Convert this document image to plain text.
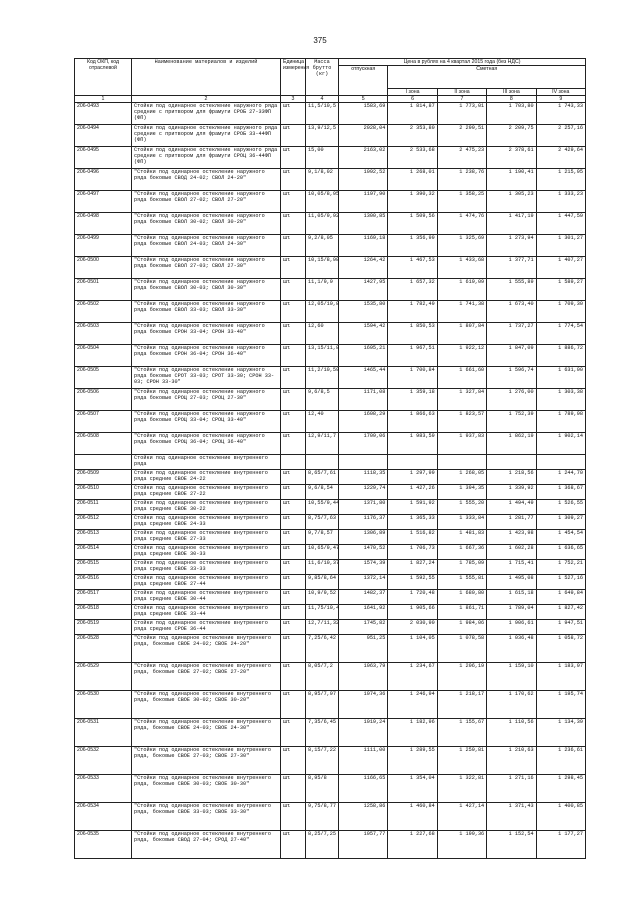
375
Код ОКП, код отраслевой	Наименование материалов и изделий	Единица измерения	Масса брутто (кг)	Цена в рублях на 4 квартал 2015 года (без НДС)				
				отпускная	Сметная			
					I зона	II зона	III зона	IV зона
1	2	3	4	5	6	7	8	9
206-0493	Стойки под одинарное остекление наружного ряда средние с притвором для фрамуги СРОБ 27-33ФП (ФП)	шт.	11,5/10,5	1583,69	1 814,87	1 773,01	1 703,80	1 743,33
206-0494	Стойки под одинарное остекление наружного ряда средние с притвором для фрамуги СРОБ 33-44ФП (ФП)	шт.	13,9/12,5	2028,04	2 353,80	2 299,51	2 209,75	2 257,16
206-0495	Стойки под одинарное остекление наружного ряда средние с притвором для фрамуги СРОЦ 36-44ФП (ФП)	шт.	15,00	2163,02	2 533,68	2 475,23	2 378,61	2 429,64
206-0496	"Стойки под одинарное остекление наружного ряда боковые СВОД 24-02; СВОЛ 24-20"	шт.	9,1/8,02	1092,52	1 268,01	1 238,76	1 190,41	1 215,95
206-0497	"Стойки под одинарное остекление наружного ряда боковые СВОЛ 27-02; СВОЛ 27-20"	шт.	10,05/8,95	1197,90	1 390,32	1 358,25	1 305,23	1 333,23
206-0498	"Стойки под одинарное остекление наружного ряда боковые СВОЛ 30-02; СВОЛ 30-20"	шт.	11,05/9,92	1300,85	1 509,56	1 474,76	1 417,19	1 447,59
206-0499	"Стойки под одинарное остекление наружного ряда боковые СВОЛ 24-03; СВОЛ 24-30"	шт.	9,2/8,05	1169,18	1 356,99	1 325,69	1 273,94	1 301,27
206-0500	"Стойки под одинарное остекление наружного ряда боковые СВОЛ 27-03; СВОЛ 27-30"	шт.	10,15/8,98	1264,42	1 467,53	1 433,68	1 377,71	1 407,27
206-0501	"Стойки под одинарное остекление наружного ряда боковые СВОЛ 30-03; СВОЛ 30-30"	шт.	11,1/9,9	1427,95	1 657,32	1 619,09	1 555,89	1 589,27
206-0502	"Стойки под одинарное остекление наружного ряда боковые СВОЛ 33-03; СВОЛ 33-30"	шт.	12,05/10,8	1535,80	1 782,49	1 741,38	1 673,40	1 709,30
206-0503	"Стойки под одинарное остекление наружного ряда боковые СРОН 33-04; СРОН 33-40"	шт.	12,60	1594,42	1 850,53	1 807,84	1 737,27	1 774,54
206-0504	"Стойки под одинарное остекление наружного ряда боковые СРОН 36-04; СРОН 36-40"	шт.	13,15/11,8	1695,21	1 967,51	1 922,12	1 847,09	1 886,72
206-0505	"Стойки под одинарное остекление наружного ряда боковые СРОТ 33-03; СРОТ 33-30; СРОН 33-03; СРОН 33-30"	шт.	11,2/10,59	1465,44	1 700,84	1 661,60	1 596,74	1 631,00
206-0506	"Стойки под одинарное остекление наружного ряда боковые СРОЦ 27-03; СРОЦ 27-30"	шт.	9,6/8,5	1171,08	1 359,18	1 327,84	1 276,00	1 303,38
206-0507	"Стойки под одинарное остекление наружного ряда боковые СРОЦ 33-04; СРОЦ 33-40"	шт.	12,40	1608,29	1 866,63	1 823,57	1 752,39	1 789,98
206-0508	"Стойки под одинарное остекление наружного ряда боковые СРОЦ 36-04; СРОЦ 36-40"	шт.	12,9/11,7	1709,06	1 983,59	1 937,83	1 862,19	1 902,14
	Стойки под одинарное остекление внутреннего ряда							
206-0509	Стойки под одинарное остекление внутреннего ряда средние СВОЕ 24-22	шт.	8,65/7,61	1118,35	1 297,99	1 268,05	1 218,56	1 244,70
206-0510	Стойки под одинарное остекление внутреннего ряда средние СВОЕ 27-22	шт.	9,6/8,54	1229,74	1 427,26	1 394,35	1 339,92	1 368,67
206-0511	Стойки под одинарное остекление внутреннего ряда средние СВОЕ 30-22	шт.	10,55/9,44	1371,80	1 591,92	1 555,20	1 494,49	1 526,55
206-0512	Стойки под одинарное остекление внутреннего ряда средние СВОЕ 24-33	шт.	8,75/7,63	1176,37	1 365,33	1 333,84	1 281,77	1 309,27
206-0513	Стойки под одинарное остекление внутреннего ряда средние СВОЕ 27-33	шт.	9,7/8,57	1306,89	1 516,82	1 481,83	1 423,98	1 454,54
206-0514	Стойки под одинарное остекление внутреннего ряда средние СВОЕ 30-33	шт.	10,65/9,47	1470,52	1 706,73	1 667,36	1 602,28	1 636,65
206-0515	Стойки под одинарное остекление внутреннего ряда средние СВОЕ 33-33	шт.	11,6/10,37	1574,39	1 827,24	1 785,09	1 715,41	1 752,21
206-0516	Стойки под одинарное остекление внутреннего ряда средние СВОЕ 27-44	шт.	9,85/8,64	1372,14	1 592,55	1 555,81	1 495,08	1 527,16
206-0517	Стойки под одинарное остекление внутреннего ряда средние СВОЕ 30-44	шт.	10,9/9,52	1482,37	1 720,48	1 680,80	1 615,18	1 649,84
206-0518	Стойки под одинарное остекление внутреннего ряда средние СВОЕ 33-44	шт.	11,75/10,4	1641,92	1 905,66	1 861,71	1 789,04	1 827,42
206-0519	Стойки под одинарное остекление внутреннего ряда средние СРОЕ 36-44	шт.	12,7/11,32	1745,82	2 030,90	1 984,06	1 906,61	1 947,51
206-0528	"Стойки под одинарное остекление внутреннего ряда, боковые СВОЕ 24-02; СВОЕ 24-20"	шт.	7,25/6,42	951,25	1 104,05	1 078,58	1 036,48	1 058,72
206-0529	"Стойки под одинарное остекление внутреннего ряда, боковые СВОЕ 27-02; СВОЕ 27-20"	шт.	8,05/7,2	1063,79	1 234,67	1 206,19	1 159,10	1 183,97
206-0530	"Стойки под одинарное остекление внутреннего ряда, боковые СВОЕ 30-02; СВОЕ 30-20"	шт.	8,95/7,97	1074,36	1 246,94	1 218,17	1 170,62	1 195,74
206-0531	"Стойки под одинарное остекление внутреннего ряда, боковые СВОЕ 24-03; СВОЕ 24-30"	шт.	7,35/6,45	1019,24	1 182,96	1 155,67	1 110,56	1 134,39
206-0532	"Стойки под одинарное остекление внутреннего ряда, боковые СВОЕ 27-03; СВОЕ 27-30"	шт.	8,15/7,22	1111,00	1 289,55	1 259,81	1 210,63	1 236,61
206-0533	"Стойки под одинарное остекление внутреннего ряда, боковые СВОЕ 30-03; СВОЕ 30-30"	шт.	8,95/8	1166,65	1 354,04	1 322,81	1 271,16	1 298,45
206-0534	"Стойки под одинарное остекление внутреннего ряда, боковые СВОЕ 33-03; СВОЕ 33-30"	шт.	9,75/8,77	1258,86	1 460,84	1 427,14	1 371,43	1 400,85
206-0535	"Стойки под одинарное остекление внутреннего ряда, боковые СВОД 27-04; СРОД 27-40"	шт.	8,25/7,25	1057,77	1 227,68	1 199,36	1 152,54	1 177,27
